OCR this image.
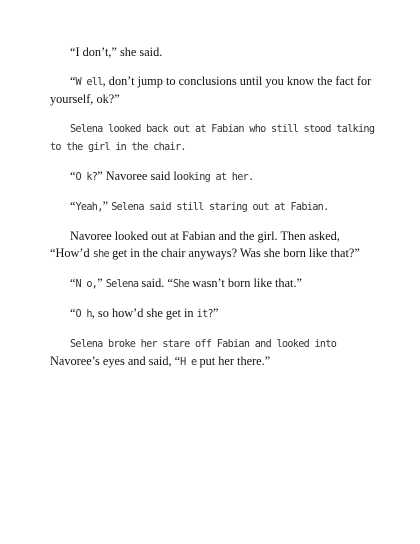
“I don’t,” she said.

“W ell, don’t jump to conclusions until you know the fact for yourself, ok?”

Selena looked back out at Fabian who still stood talking to the girl in the chair.

“O k?” Navoree said looking at her.

“Yeah,” Selena said still staring out at Fabian.

Navoree looked out at Fabian and the girl. Then asked, “How’d she get in the chair anyways? Was she born like that?”

“N o,” Selena said. “She wasn’t born like that.”

“O h, so how’d she get in it?”

Selena broke her stare off Fabian and looked into Navoree’s eyes and said, “H e put her there.”
